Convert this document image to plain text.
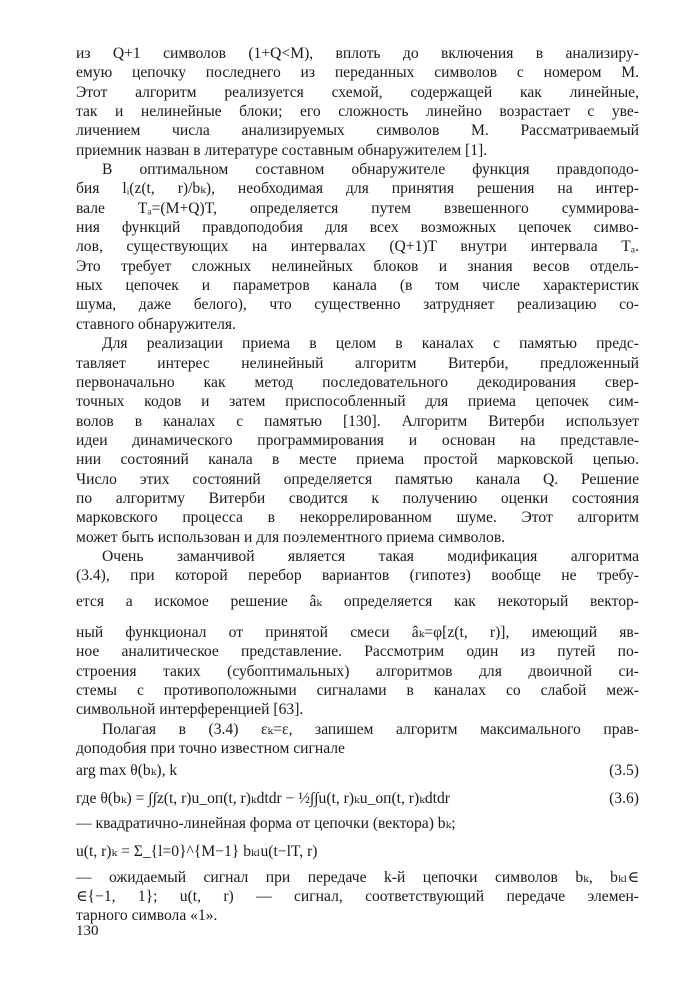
из Q+1 символов (1+Q<M), вплоть до включения в анализиру-
емую цепочку последнего из переданных символов с номером M.
Этот алгоритм реализуется схемой, содержащей как линейные,
так и нелинейные блоки; его сложность линейно возрастает с уве-
личением числа анализируемых символов M. Рассматриваемый
приемник назван в литературе составным обнаружителем [1].
В оптимальном составном обнаружителе функция правдоподо-
бия lᵢ(z(t, r)/bₖ), необходимая для принятия решения на интер-
вале Tₐ=(M+Q)T, определяется путем взвешенного суммирова-
ния функций правдоподобия для всех возможных цепочек симво-
лов, существующих на интервалах (Q+1)T внутри интервала Tₐ.
Это требует сложных нелинейных блоков и знания весов отдель-
ных цепочек и параметров канала (в том числе характеристик
шума, даже белого), что существенно затрудняет реализацию со-
ставного обнаружителя.
Для реализации приема в целом в каналах с памятью предс-
тавляет интерес нелинейный алгоритм Витерби, предложенный
первоначально как метод последовательного декодирования свер-
точных кодов и затем приспособленный для приема цепочек сим-
волов в каналах с памятью [130]. Алгоритм Витерби использует
идеи динамического программирования и основан на представле-
нии состояний канала в месте приема простой марковской цепью.
Число этих состояний определяется памятью канала Q. Решение
по алгоритму Витерби сводится к получению оценки состояния
марковского процесса в некоррелированном шуме. Этот алгоритм
может быть использован и для поэлементного приема символов.
Очень заманчивой является такая модификация алгоритма
(3.4), при которой перебор вариантов (гипотез) вообще не требу-
ется а искомое решение âₖ определяется как некоторый вектор-
ный функционал от принятой смеси âₖ=φ[z(t, r)], имеющий яв-
ное аналитическое представление. Рассмотрим один из путей по-
строения таких (субоптимальных) алгоритмов для двоичной си-
стемы с противоположными сигналами в каналах со слабой меж-
символьной интерференцией [63].
Полагая в (3.4) εₖ=ε, запишем алгоритм максимального прав-
доподобия при точно известном сигнале
arg max θ(bₖ), k	(3.5)
где θ(bₖ) = ∫∫z(t, r)u_оп(t, r)ₖdtdr − ½∫∫u(t, r)ₖu_оп(t, r)ₖdtdr	(3.6)
— квадратично-линейная форма от цепочки (вектора) bₖ;
u(t, r)ₖ = Σ_{l=0}^{M−1} bₖₗu(t−lT, r)
— ожидаемый сигнал при передаче k-й цепочки символов bₖ, bₖₗ∈
∈{−1, 1}; u(t, r) — сигнал, соответствующий передаче элемен-
тарного символа «1».
130
